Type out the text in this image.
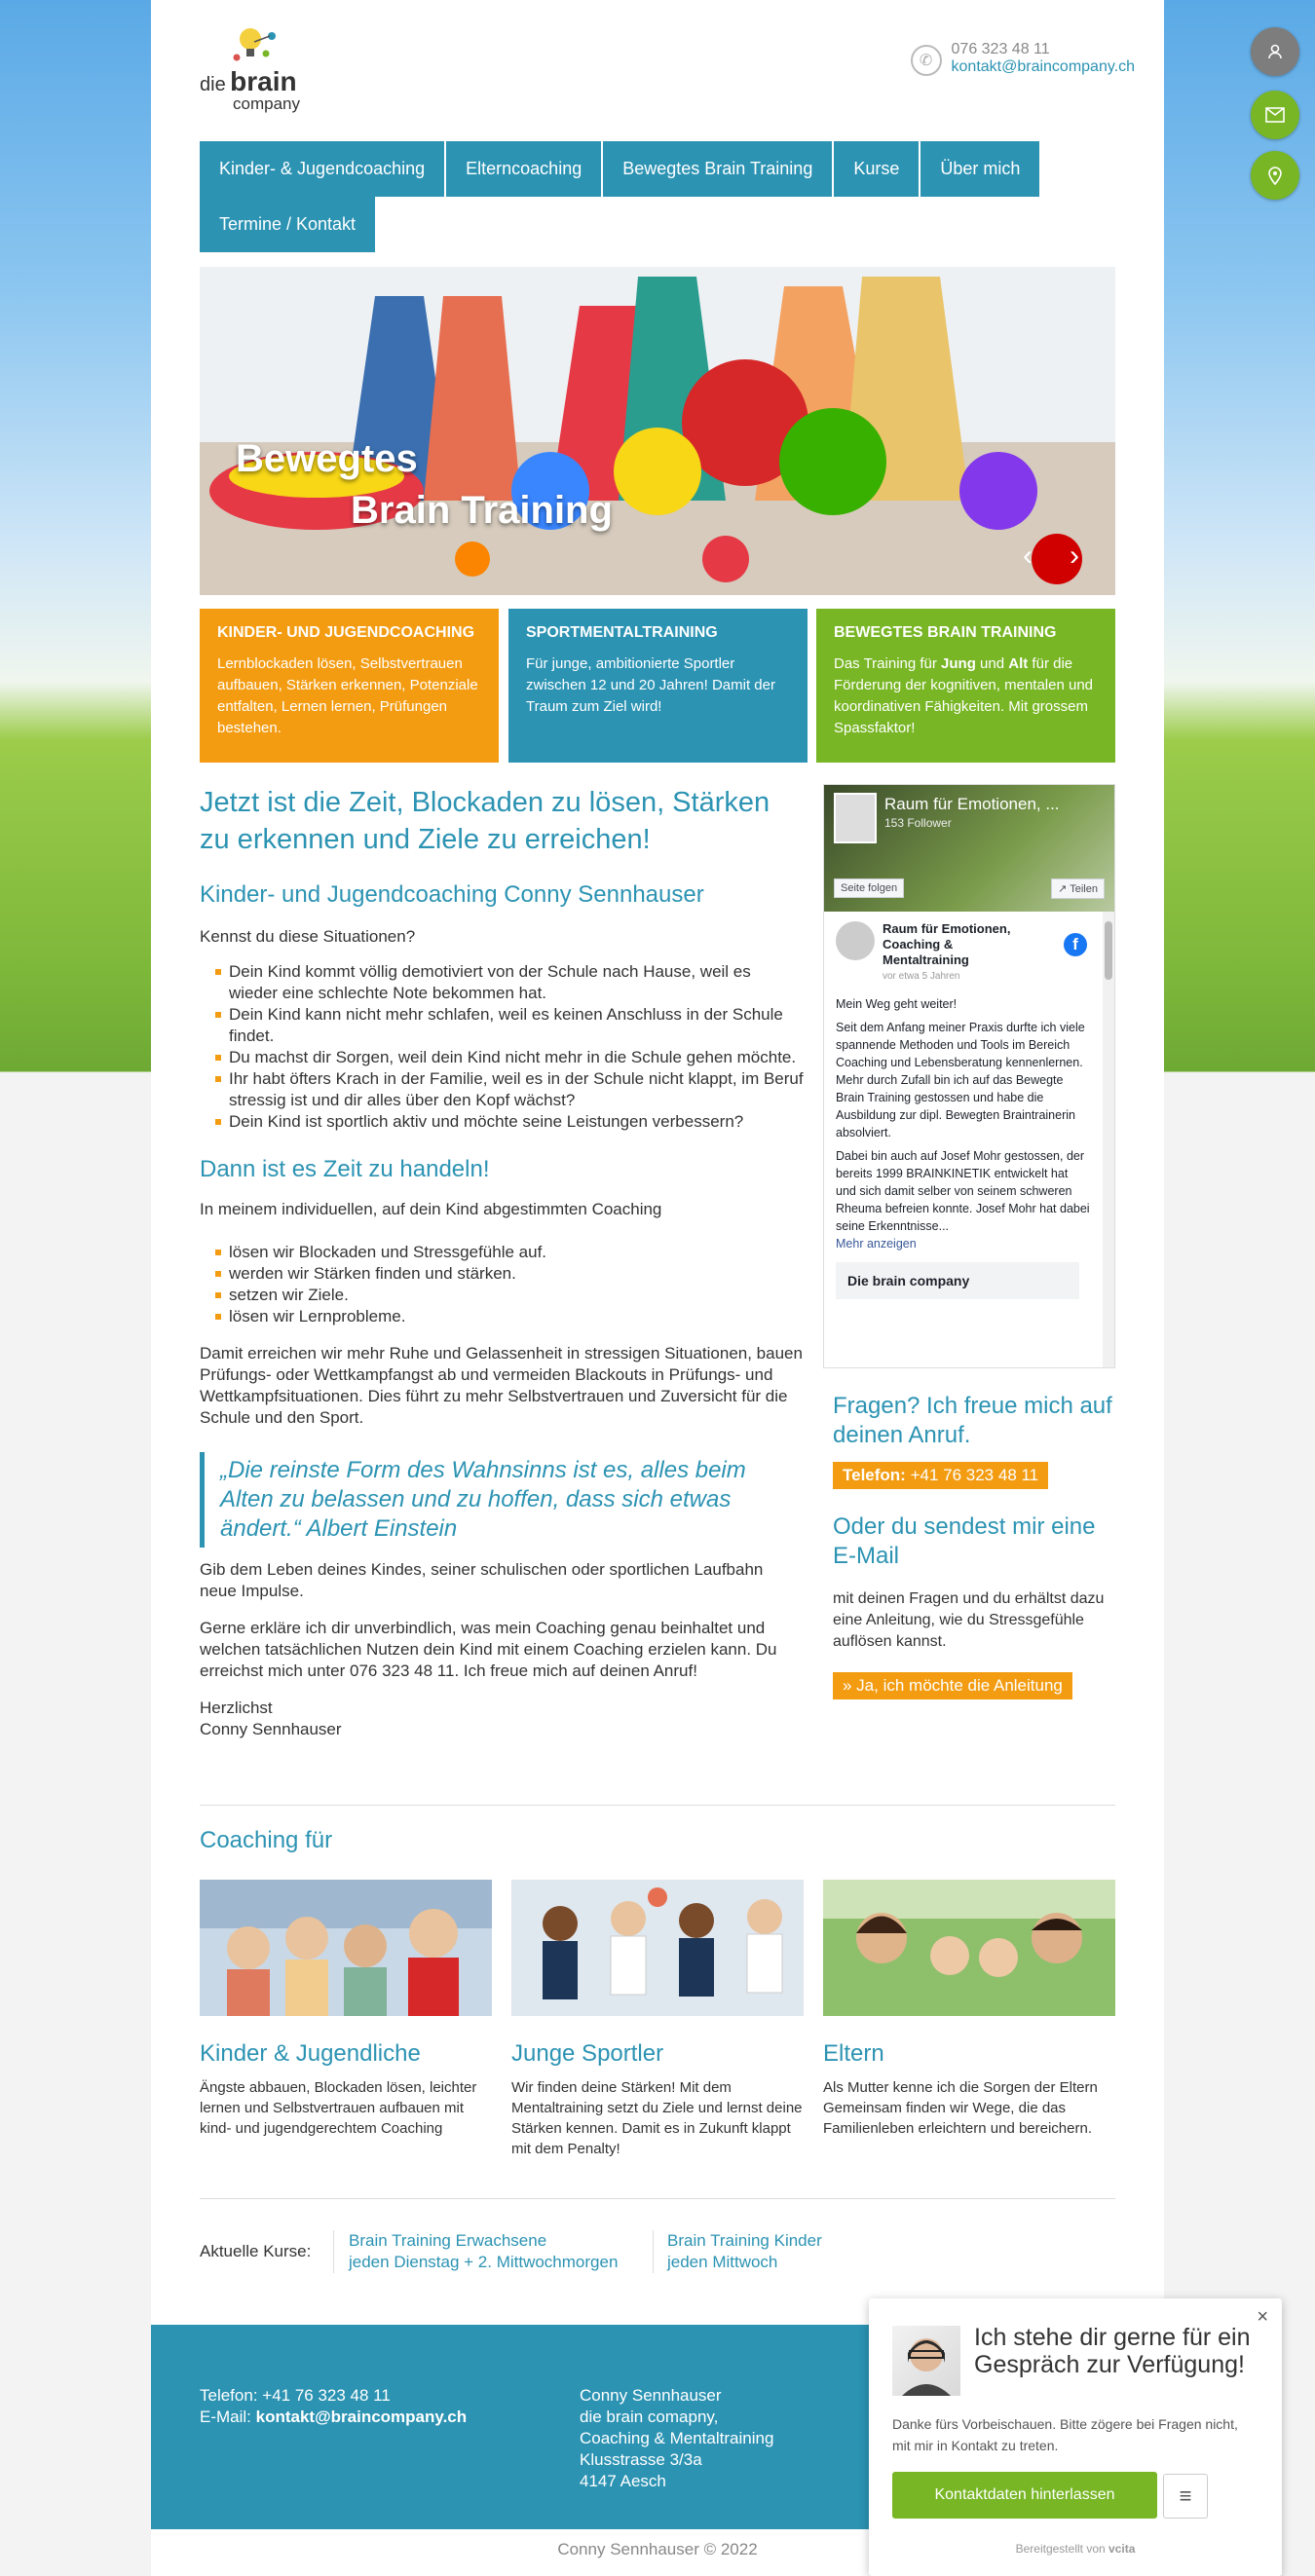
die brain
company
✆
076 323 48 11
kontakt@braincompany.ch
Kinder- & Jugendcoaching	Elterncoaching	Bewegtes Brain Training	Kurse	Über mich
Termine / Kontakt
Bewegtes
Brain Training
‹ ›
KINDER- UND JUGENDCOACHING

Lernblockaden lösen, Selbstvertrauen aufbauen, Stärken erkennen, Potenziale entfalten, Lernen lernen, Prüfungen bestehen.

SPORTMENTALTRAINING

Für junge, ambitionierte Sportler zwischen 12 und 20 Jahren! Damit der Traum zum Ziel wird!

BEWEGTES BRAIN TRAINING

Das Training für Jung und Alt für die Förderung der kognitiven, mentalen und koordinativen Fähigkeiten. Mit grossem Spassfaktor!

Jetzt ist die Zeit, Blockaden zu lösen, Stärken zu erkennen und Ziele zu erreichen!
Kinder- und Jugendcoaching Conny Sennhauser

Kennst du diese Situationen?

Dein Kind kommt völlig demotiviert von der Schule nach Hause, weil es wieder eine schlechte Note bekommen hat.
Dein Kind kann nicht mehr schlafen, weil es keinen Anschluss in der Schule findet.
Du machst dir Sorgen, weil dein Kind nicht mehr in die Schule gehen möchte.
Ihr habt öfters Krach in der Familie, weil es in der Schule nicht klappt, im Beruf stressig ist und dir alles über den Kopf wächst?
Dein Kind ist sportlich aktiv und möchte seine Leistungen verbessern?
Dann ist es Zeit zu handeln!

In meinem individuellen, auf dein Kind abgestimmten Coaching

lösen wir Blockaden und Stressgefühle auf.
werden wir Stärken finden und stärken.
setzen wir Ziele.
lösen wir Lernprobleme.

Damit erreichen wir mehr Ruhe und Gelassenheit in stressigen Situationen, bauen Prüfungs- oder Wettkampfangst ab und vermeiden Blackouts in Prüfungs- und Wettkampfsituationen. Dies führt zu mehr Selbstvertrauen und Zuversicht für die Schule und den Sport.

„Die reinste Form des Wahnsinns ist es, alles beim Alten zu belassen und zu hoffen, dass sich etwas ändert.“ Albert Einstein

Gib dem Leben deines Kindes, seiner schulischen oder sportlichen Laufbahn neue Impulse.

Gerne erkläre ich dir unverbindlich, was mein Coaching genau beinhaltet und welchen tatsächlichen Nutzen dein Kind mit einem Coaching erzielen kann. Du erreichst mich unter 076 323 48 11. Ich freue mich auf deinen Anruf!

Herzlichst

Conny Sennhauser

Raum für Emotionen, ...
153 Follower
Seite folgen	↗ Teilen
f
Raum für Emotionen, Coaching & Mentaltraining
vor etwa 5 Jahren

Mein Weg geht weiter!

Seit dem Anfang meiner Praxis durfte ich viele spannende Methoden und Tools im Bereich Coaching und Lebensberatung kennenlernen. Mehr durch Zufall bin ich auf das Bewegte Brain Training gestossen und habe die Ausbildung zur dipl. Bewegten Braintrainerin absolviert.

Dabei bin auch auf Josef Mohr gestossen, der bereits 1999 BRAINKINETIK entwickelt hat und sich damit selber von seinem schweren Rheuma befreien konnte. Josef Mohr hat dabei seine Erkenntnisse...

Mehr anzeigen

Die brain company
Fragen? Ich freue mich auf deinen Anruf.
Telefon: +41 76 323 48 11
Oder du sendest mir eine E-Mail

mit deinen Fragen und du erhältst dazu eine Anleitung, wie du Stressgefühle auflösen kannst.

» Ja, ich möchte die Anleitung
Coaching für
Kinder & Jugendliche

Ängste abbauen, Blockaden lösen, leichter lernen und Selbstvertrauen aufbauen mit kind- und jugendgerechtem Coaching

Junge Sportler

Wir finden deine Stärken! Mit dem Mentaltraining setzt du Ziele und lernst deine Stärken kennen. Damit es in Zukunft klappt mit dem Penalty!

Eltern

Als Mutter kenne ich die Sorgen der Eltern Gemeinsam finden wir Wege, die das Familienleben erleichtern und bereichern.

Aktuelle Kurse:
Brain Training Erwachsene
jeden Dienstag + 2. Mittwochmorgen
Brain Training Kinder
jeden Mittwoch
Telefon: +41 76 323 48 11
E-Mail: kontakt@braincompany.ch
Conny Sennhauser
die brain comapny,
Coaching & Mentaltraining
Klusstrasse 3/3a
4147 Aesch
Conny Sennhauser © 2022
×
Ich stehe dir gerne für ein Gespräch zur Verfügung!
Danke fürs Vorbeischauen. Bitte zögere bei Fragen nicht, mit mir in Kontakt zu treten.
Kontaktdaten hinterlassen	≡
Bereitgestellt von vcita
